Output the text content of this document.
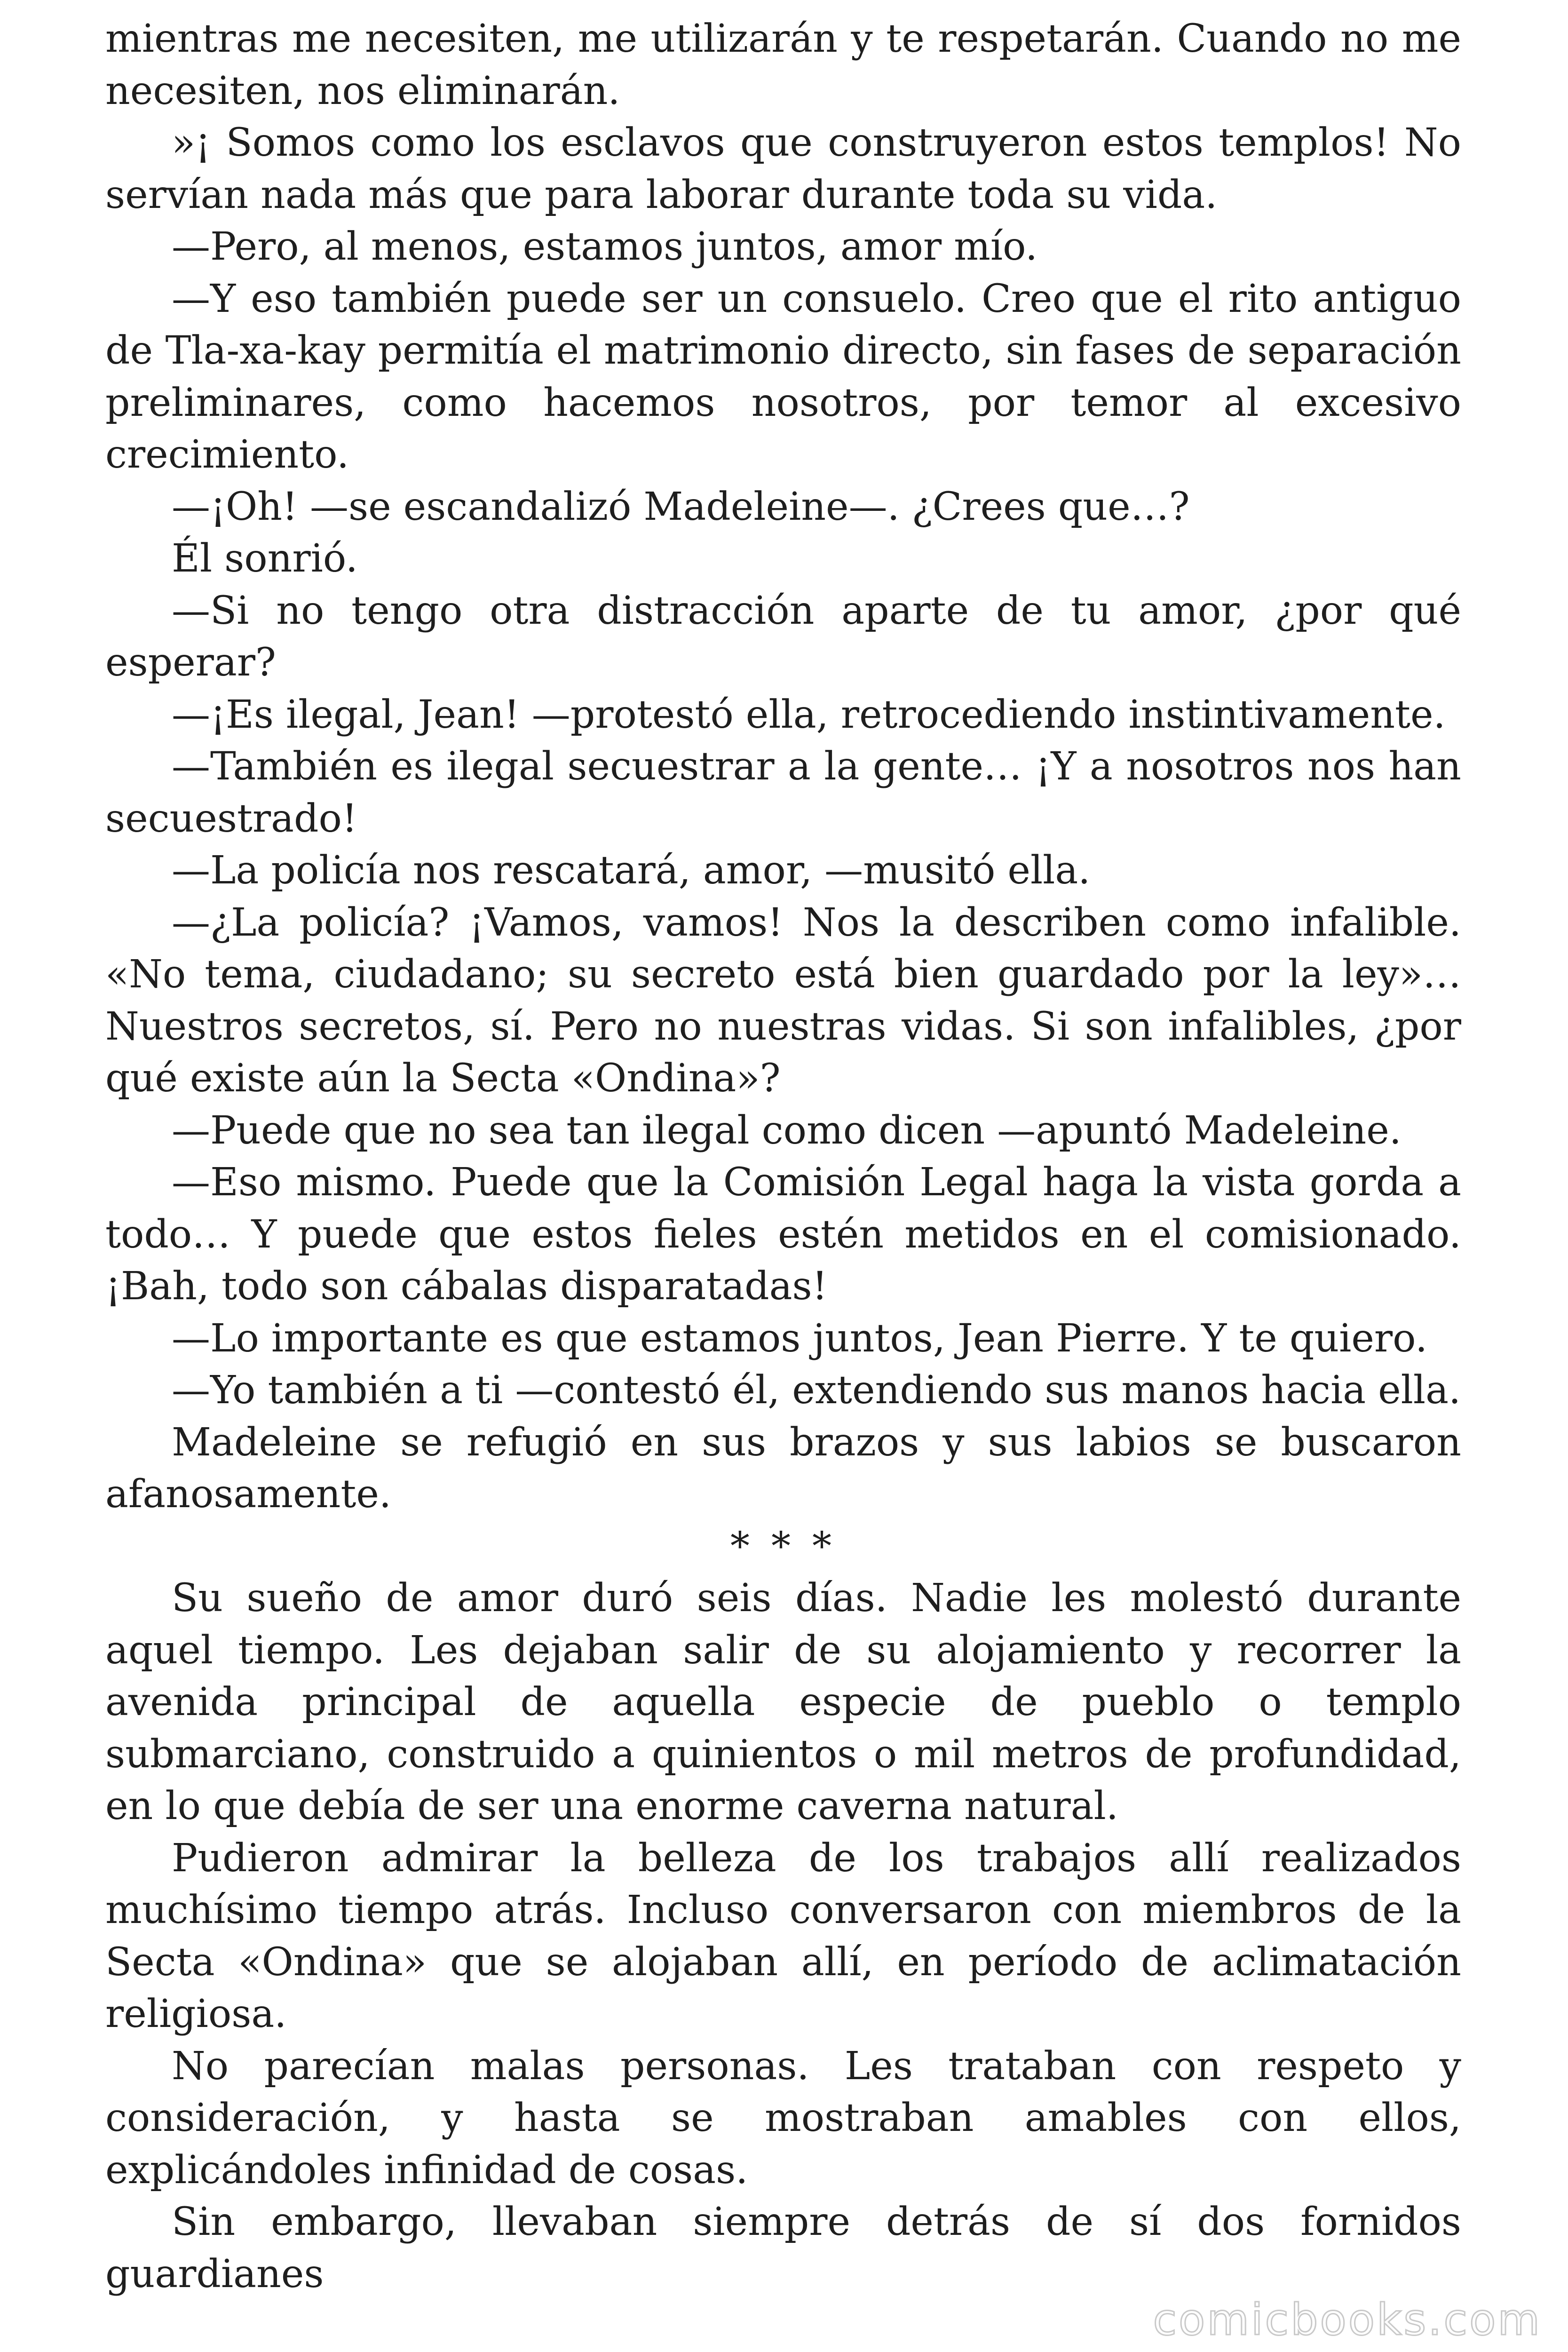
mientras me necesiten, me utilizarán y te respetarán. Cuando no me necesiten, nos eliminarán.

»¡ Somos como los esclavos que construyeron estos templos! No servían nada más que para laborar durante toda su vida.

—Pero, al menos, estamos juntos, amor mío.

—Y eso también puede ser un consuelo. Creo que el rito antiguo de Tla-xa-kay permitía el matrimonio directo, sin fases de separación preliminares, como hacemos nosotros, por temor al excesivo crecimiento.

—¡Oh! —se escandalizó Madeleine—. ¿Crees que…?

Él sonrió.

—Si no tengo otra distracción aparte de tu amor, ¿por qué esperar?

—¡Es ilegal, Jean! —protestó ella, retrocediendo instintivamente.

—También es ilegal secuestrar a la gente… ¡Y a nosotros nos han secuestrado!

—La policía nos rescatará, amor, —musitó ella.

—¿La policía? ¡Vamos, vamos! Nos la describen como infalible. «No tema, ciudadano; su secreto está bien guardado por la ley»… Nuestros secretos, sí. Pero no nuestras vidas. Si son infalibles, ¿por qué existe aún la Secta «Ondina»?

—Puede que no sea tan ilegal como dicen —apuntó Madeleine.

—Eso mismo. Puede que la Comisión Legal haga la vista gorda a todo… Y puede que estos fieles estén metidos en el comisionado. ¡Bah, todo son cábalas disparatadas!

—Lo importante es que estamos juntos, Jean Pierre. Y te quiero.

—Yo también a ti —contestó él, extendiendo sus manos hacia ella.

Madeleine se refugió en sus brazos y sus labios se buscaron afanosamente.

* * *

Su sueño de amor duró seis días. Nadie les molestó durante aquel tiempo. Les dejaban salir de su alojamiento y recorrer la avenida principal de aquella especie de pueblo o templo submarciano, construido a quinientos o mil metros de profundidad, en lo que debía de ser una enorme caverna natural.

Pudieron admirar la belleza de los trabajos allí realizados muchísimo tiempo atrás. Incluso conversaron con miembros de la Secta «Ondina» que se alojaban allí, en período de aclimatación religiosa.

No parecían malas personas. Les trataban con respeto y consideración, y hasta se mostraban amables con ellos, explicándoles infinidad de cosas.

Sin embargo, llevaban siempre detrás de sí dos fornidos guardianes

comicbooks.com
